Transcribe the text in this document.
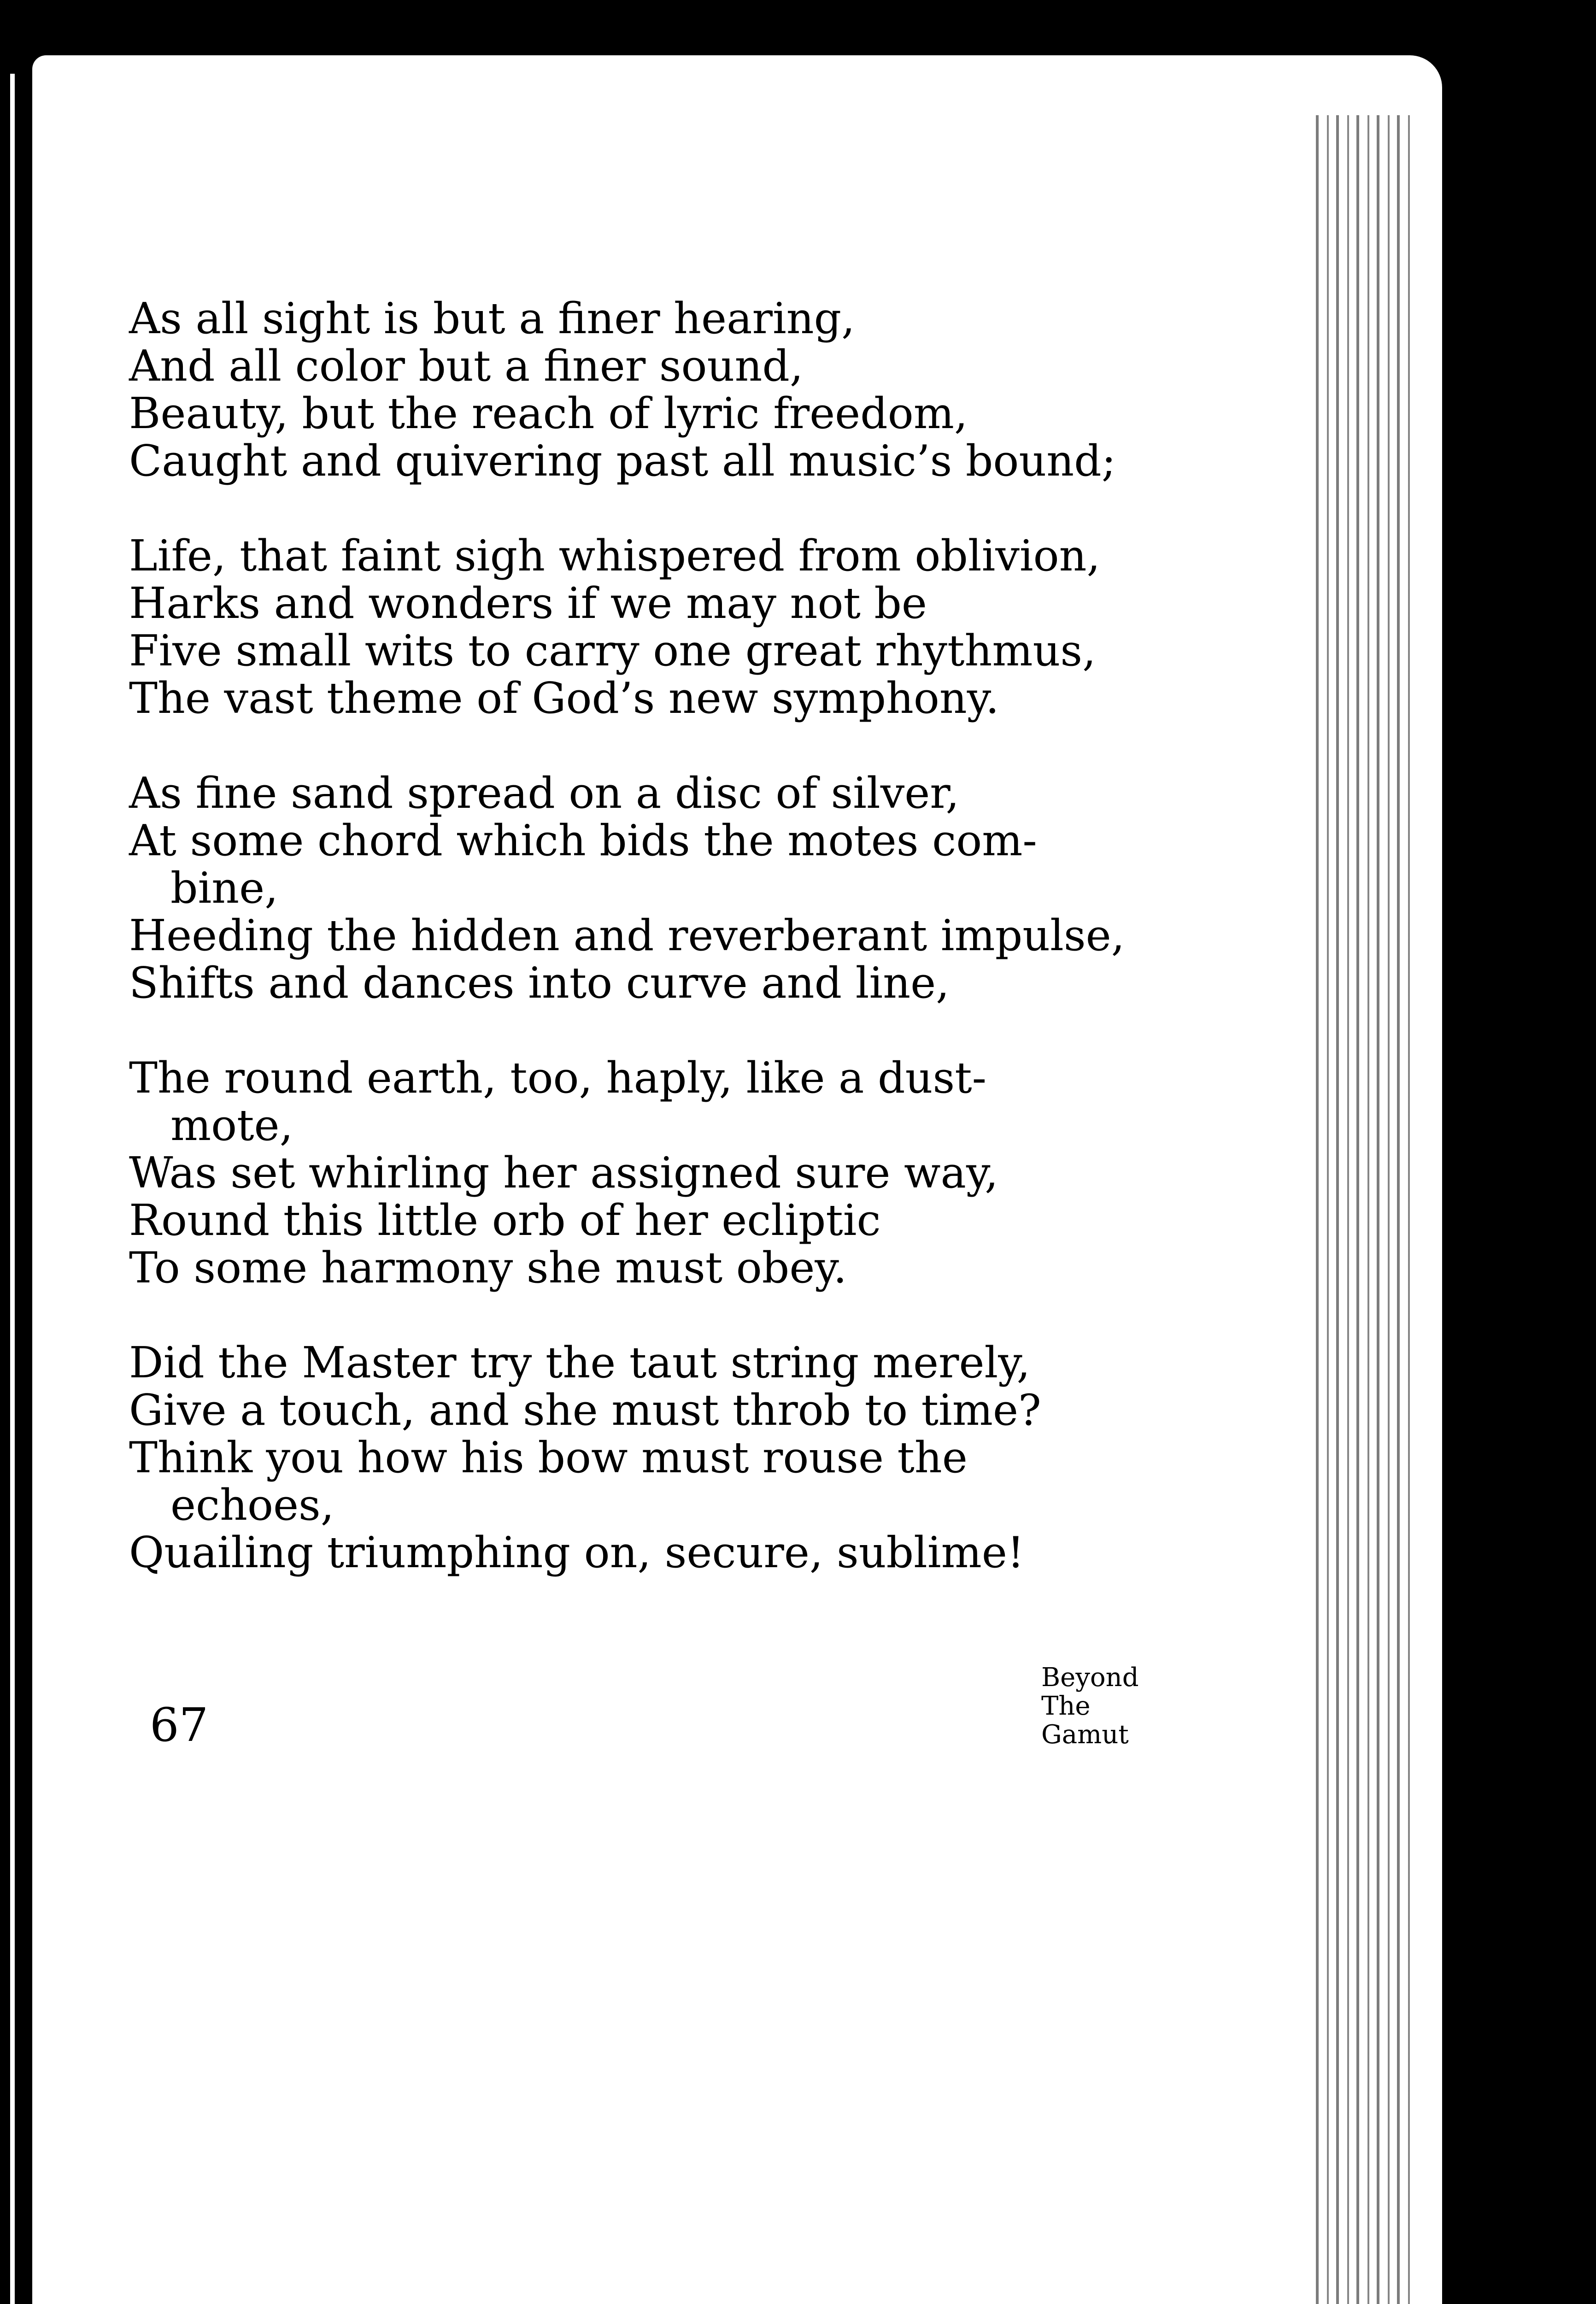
As all sight is but a finer hearing,
And all color but a finer sound,
Beauty, but the reach of lyric freedom,
Caught and quivering past all music’s bound;
Life, that faint sigh whispered from oblivion,
Harks and wonders if we may not be
Five small wits to carry one great rhythmus,
The vast theme of God’s new symphony.
As fine sand spread on a disc of silver,
At some chord which bids the motes com-
bine,
Heeding the hidden and reverberant impulse,
Shifts and dances into curve and line,
The round earth, too, haply, like a dust-
mote,
Was set whirling her assigned sure way,
Round this little orb of her ecliptic
To some harmony she must obey.
Did the Master try the taut string merely,
Give a touch, and she must throb to time?
Think you how his bow must rouse the
echoes,
Quailing triumphing on, secure, sublime!
67
Beyond
The
Gamut
